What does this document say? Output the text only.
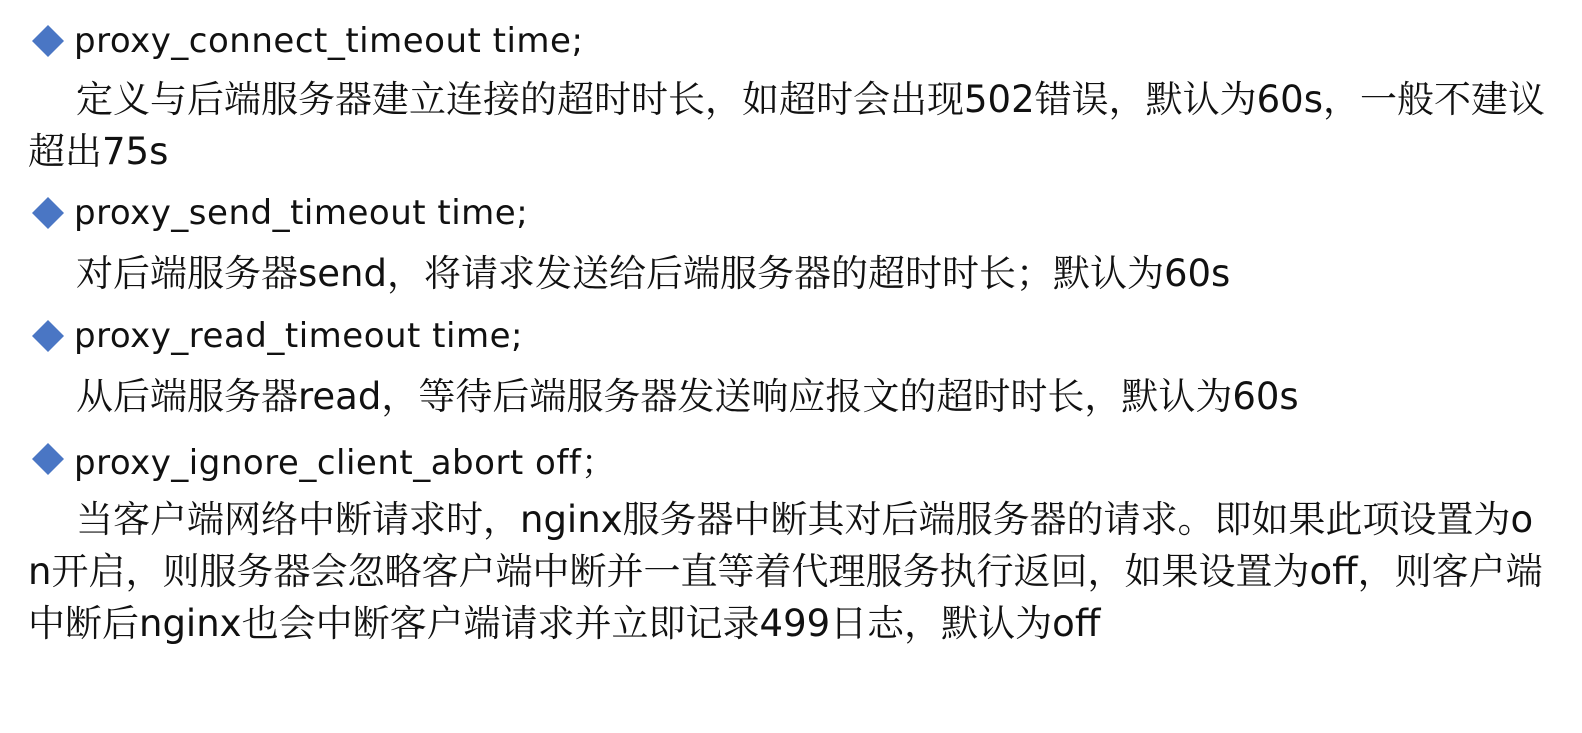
proxy_connect_timeout time;
定义与后端服务器建立连接的超时时长，如超时会出现502错误，默认为60s，一般不建议超出75s
proxy_send_timeout time;
对后端服务器send，将请求发送给后端服务器的超时时长；默认为60s
proxy_read_timeout time;
从后端服务器read，等待后端服务器发送响应报文的超时时长，默认为60s
proxy_ignore_client_abort off；
当客户端网络中断请求时，nginx服务器中断其对后端服务器的请求。即如果此项设置为on开启，则服务器会忽略客户端中断并一直等着代理服务执行返回，如果设置为off，则客户端中断后nginx也会中断客户端请求并立即记录499日志，默认为off
